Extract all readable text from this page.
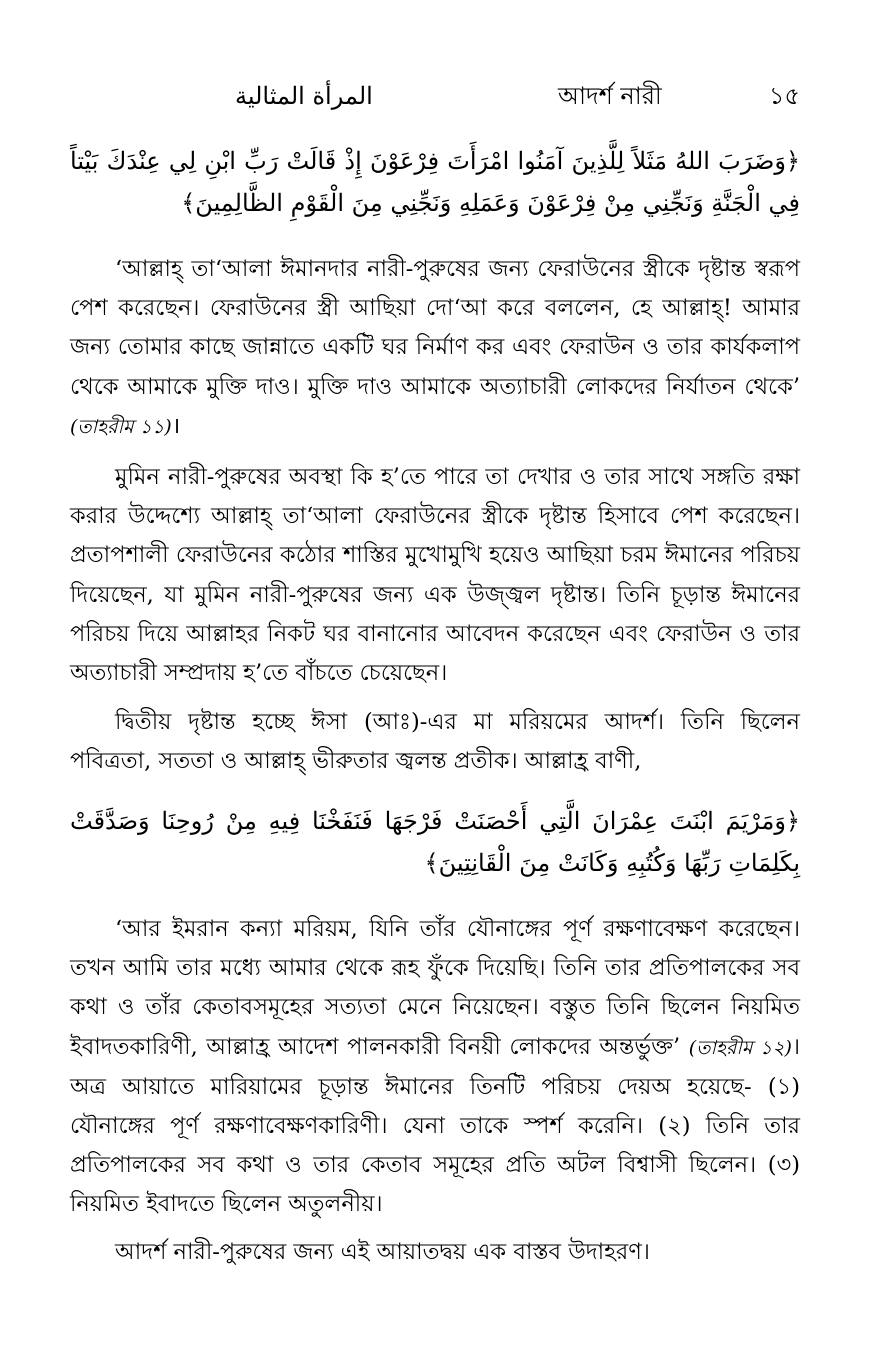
المرأة المثالية	আদর্শ নারী	১৫
﴿وَضَرَبَ اللهُ مَثَلاً لِلَّذِينَ آمَنُوا امْرَأَتَ فِرْعَوْنَ إِذْ قَالَتْ رَبِّ ابْنِ لِي عِنْدَكَ بَيْتاً فِي الْجَنَّةِ وَنَجِّنِي مِنْ فِرْعَوْنَ وَعَمَلِهِ وَنَجِّنِي مِنَ الْقَوْمِ الظَّالِمِينَ﴾

‘আল্লাহ্ তা‘আলা ঈমানদার নারী-পুরুষের জন্য ফেরাউনের স্ত্রীকে দৃষ্টান্ত স্বরূপ পেশ করেছেন। ফেরাউনের স্ত্রী আছিয়া দো‘আ করে বললেন, হে আল্লাহ্! আমার জন্য তোমার কাছে জান্নাতে একটি ঘর নির্মাণ কর এবং ফেরাউন ও তার কার্যকলাপ থেকে আমাকে মুক্তি দাও। মুক্তি দাও আমাকে অত্যাচারী লোকদের নির্যাতন থেকে’ (তাহরীম ১১)।

মুমিন নারী-পুরুষের অবস্থা কি হ’তে পারে তা দেখার ও তার সাথে সঙ্গতি রক্ষা করার উদ্দেশ্যে আল্লাহ্ তা‘আলা ফেরাউনের স্ত্রীকে দৃষ্টান্ত হিসাবে পেশ করেছেন। প্রতাপশালী ফেরাউনের কঠোর শাস্তির মুখোমুখি হয়েও আছিয়া চরম ঈমানের পরিচয় দিয়েছেন, যা মুমিন নারী-পুরুষের জন্য এক উজ্জ্বল দৃষ্টান্ত। তিনি চূড়ান্ত ঈমানের পরিচয় দিয়ে আল্লাহর নিকট ঘর বানানোর আবেদন করেছেন এবং ফেরাউন ও তার অত্যাচারী সম্প্রদায় হ’তে বাঁচতে চেয়েছেন।

দ্বিতীয় দৃষ্টান্ত হচ্ছে ঈসা (আঃ)-এর মা মরিয়মের আদর্শ। তিনি ছিলেন পবিত্রতা, সততা ও আল্লাহ্ ভীরুতার জ্বলন্ত প্রতীক। আল্লাহ্র বাণী,

﴿وَمَرْيَمَ ابْنَتَ عِمْرَانَ الَّتِي أَحْصَنَتْ فَرْجَهَا فَنَفَخْنَا فِيهِ مِنْ رُوحِنَا وَصَدَّقَتْ بِكَلِمَاتِ رَبِّهَا وَكُتُبِهِ وَكَانَتْ مِنَ الْقَانِتِينَ﴾

‘আর ইমরান কন্যা মরিয়ম, যিনি তাঁর যৌনাঙ্গের পূর্ণ রক্ষণাবেক্ষণ করেছেন। তখন আমি তার মধ্যে আমার থেকে রূহ ফুঁকে দিয়েছি। তিনি তার প্রতিপালকের সব কথা ও তাঁর কেতাবসমূহের সত্যতা মেনে নিয়েছেন। বস্তুত তিনি ছিলেন নিয়মিত ইবাদতকারিণী, আল্লাহ্র আদেশ পালনকারী বিনয়ী লোকদের অন্তর্ভুক্ত’ (তাহরীম ১২)। অত্র আয়াতে মারিয়ামের চূড়ান্ত ঈমানের তিনটি পরিচয় দেয়অ হয়েছে- (১) যৌনাঙ্গের পূর্ণ রক্ষণাবেক্ষণকারিণী। যেনা তাকে স্পর্শ করেনি। (২) তিনি তার প্রতিপালকের সব কথা ও তার কেতাব সমূহের প্রতি অটল বিশ্বাসী ছিলেন। (৩) নিয়মিত ইবাদতে ছিলেন অতুলনীয়।

আদর্শ নারী-পুরুষের জন্য এই আয়াতদ্বয় এক বাস্তব উদাহরণ।
